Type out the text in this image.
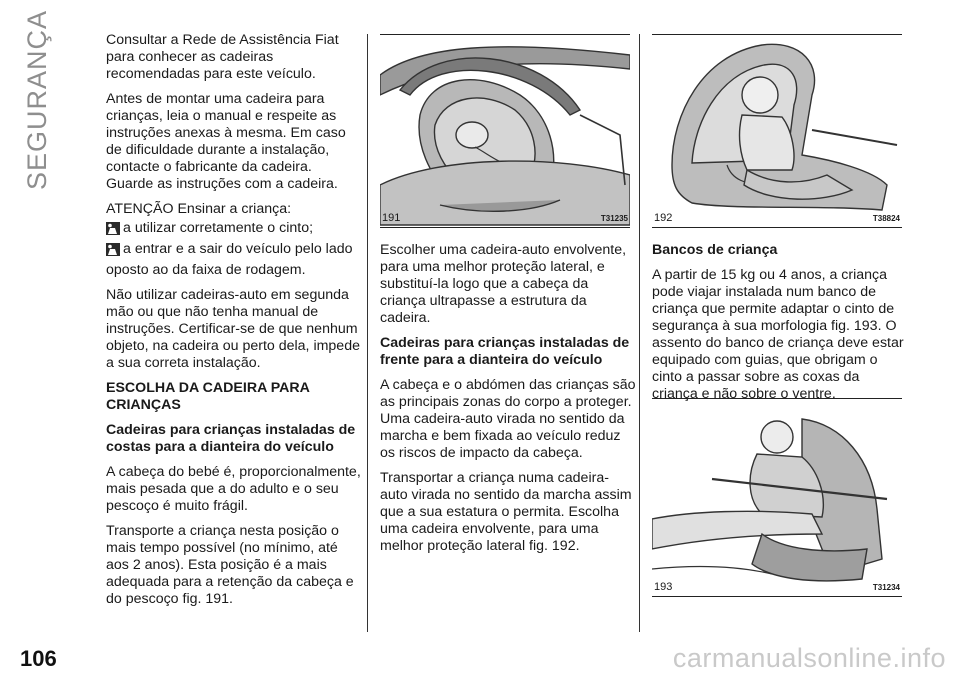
SEGURANÇA	Consultar a Rede de Assistência Fiat para conhecer as cadeiras recomendadas para este veículo.

Antes de montar uma cadeira para crianças, leia o manual e respeite as instruções anexas à mesma. Em caso de dificuldade durante a instalação, contacte o fabricante da cadeira. Guarde as instruções com a cadeira.

ATENÇÃO Ensinar a criança:

a utilizar corretamente o cinto;
a entrar e a sair do veículo pelo lado

oposto ao da faixa de rodagem.

Não utilizar cadeiras-auto em segunda mão ou que não tenha manual de instruções. Certificar-se de que nenhum objeto, na cadeira ou perto dela, impede a sua correta instalação.

ESCOLHA DA CADEIRA PARA CRIANÇAS
Cadeiras para crianças instaladas de costas para a dianteira do veículo

A cabeça do bebé é, proporcionalmente, mais pesada que a do adulto e o seu pescoço é muito frágil.

Transporte a criança nesta posição o mais tempo possível (no mínimo, até aos 2 anos). Esta posição é a mais adequada para a retenção da cabeça e do pescoço fig. 191.

191	T31235

Escolher uma cadeira-auto envolvente, para uma melhor proteção lateral, e substituí-la logo que a cabeça da criança ultrapasse a estrutura da cadeira.

Cadeiras para crianças instaladas de frente para a dianteira do veículo

A cabeça e o abdómen das crianças são as principais zonas do corpo a proteger. Uma cadeira-auto virada no sentido da marcha e bem fixada ao veículo reduz os riscos de impacto da cabeça.

Transportar a criança numa cadeira-auto virada no sentido da marcha assim que a sua estatura o permita. Escolha uma cadeira envolvente, para uma melhor proteção lateral fig. 192.

192	T38824
Bancos de criança

A partir de 15 kg ou 4 anos, a criança pode viajar instalada num banco de criança que permite adaptar o cinto de segurança à sua morfologia fig. 193. O assento do banco de criança deve estar equipado com guias, que obrigam o cinto a passar sobre as coxas da criança e não sobre o ventre.

193	T31234
106	carmanualsonline.info
